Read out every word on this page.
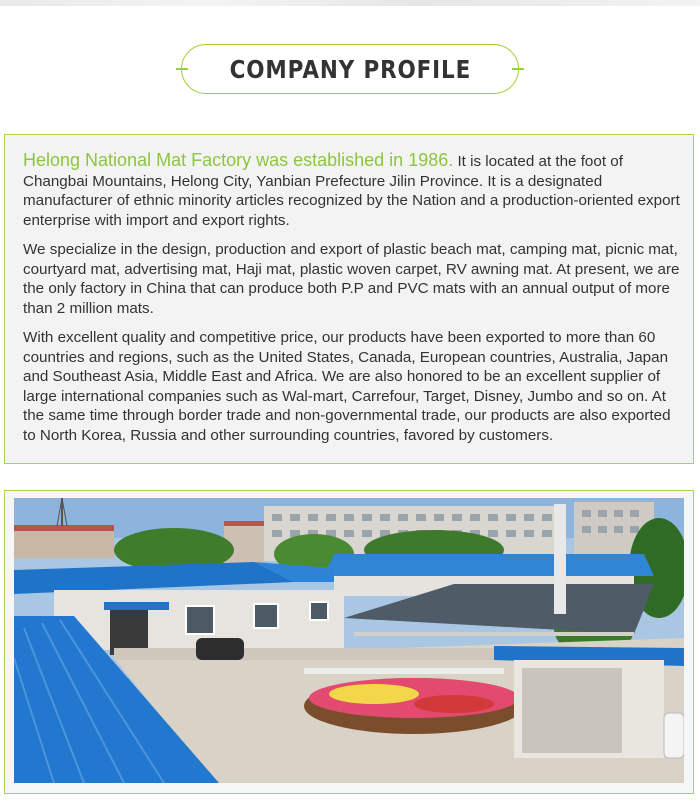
COMPANY PROFILE

Helong National Mat Factory was established in 1986. It is located at the foot of Changbai Mountains, Helong City, Yanbian Prefecture Jilin Province. It is a designated manufacturer of ethnic minority articles recognized by the Nation and a production-oriented export enterprise with import and export rights.

We specialize in the design, production and export of plastic beach mat, camping mat, picnic mat, courtyard mat, advertising mat, Haji mat, plastic woven carpet, RV awning mat. At present, we are the only factory in China that can produce both P.P and PVC mats with an annual output of more than 2 million mats.

With excellent quality and competitive price, our products have been exported to more than 60 countries and regions, such as the United States, Canada, European countries, Australia, Japan and Southeast Asia, Middle East and Africa. We are also honored to be an excellent supplier of large international companies such as Wal-mart, Carrefour, Target, Disney, Jumbo and so on. At the same time through border trade and non-governmental trade, our products are also exported to North Korea, Russia and other surrounding countries, favored by customers.
